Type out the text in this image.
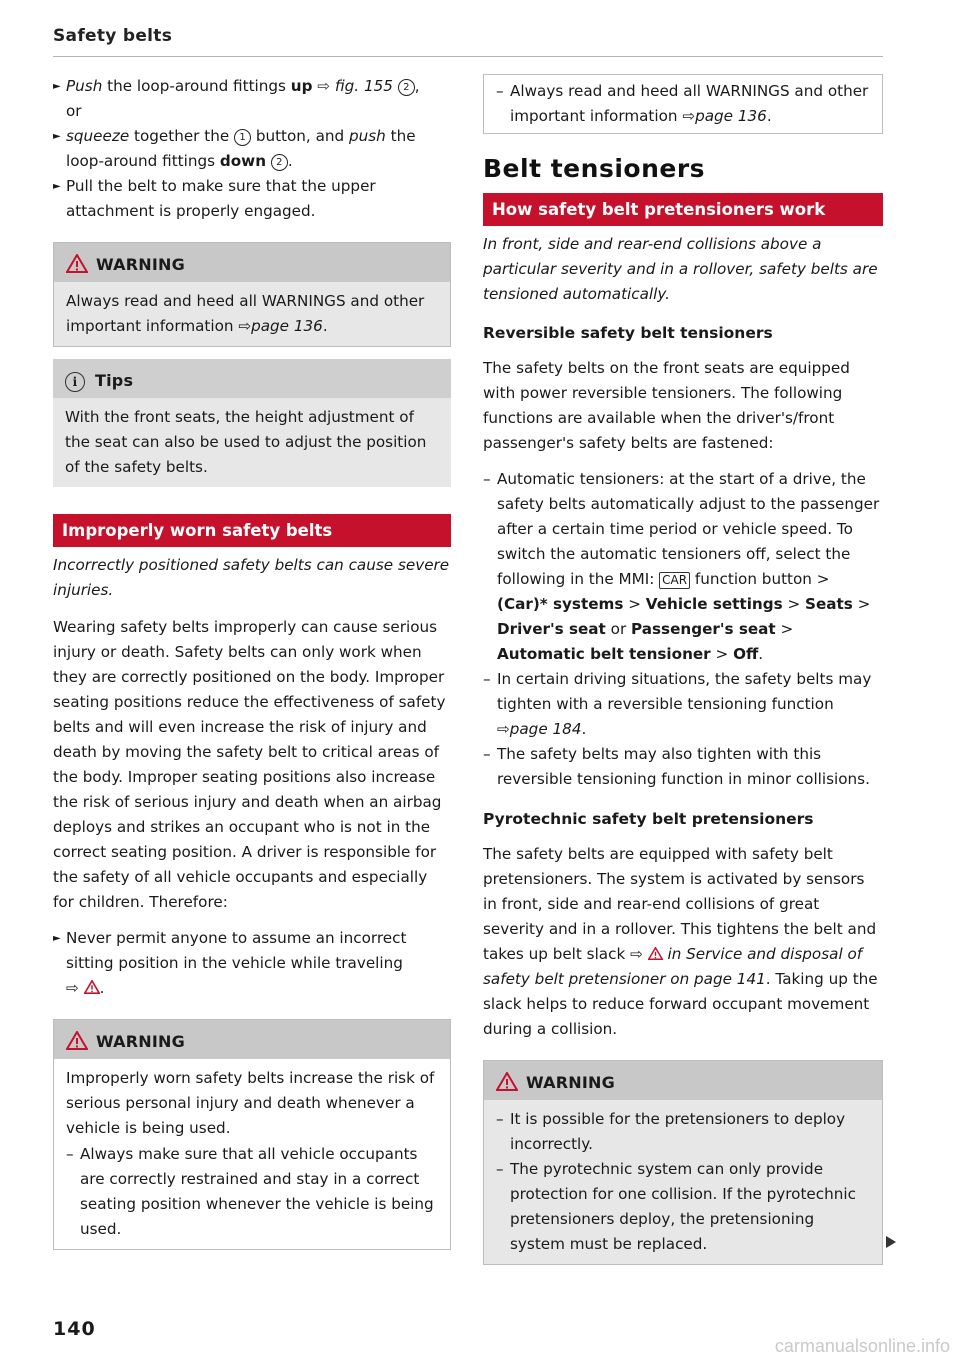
Safety belts
► Push the loop-around fittings up ⇨ fig. 155 2 ,
or
► squeeze together the 1 button, and push the loop-around fittings down 2 .
► Pull the belt to make sure that the upper attachment is properly engaged.
WARNING
Always read and heed all WARNINGS and other important information ⇨page 136.
i Tips
With the front seats, the height adjustment of the seat can also be used to adjust the position of the safety belts.
Improperly worn safety belts

Incorrectly positioned safety belts can cause severe injuries.

Wearing safety belts improperly can cause serious injury or death. Safety belts can only work when they are correctly positioned on the body. Improper seating positions reduce the effectiveness of safety belts and will even increase the risk of injury and death by moving the safety belt to critical areas of the body. Improper seating positions also increase the risk of serious injury and death when an airbag deploys and strikes an occupant who is not in the correct seating position. A driver is responsible for the safety of all vehicle occupants and especially for children. Therefore:

► Never permit anyone to assume an incorrect sitting position in the vehicle while traveling
⇨ .
WARNING

Improperly worn safety belts increase the risk of serious personal injury and death whenever a vehicle is being used.

– Always make sure that all vehicle occupants are correctly restrained and stay in a correct seating position whenever the vehicle is being used.
140
– Always read and heed all WARNINGS and other important information ⇨page 136.
Belt tensioners
How safety belt pretensioners work

In front, side and rear-end collisions above a particular severity and in a rollover, safety belts are tensioned automatically.

Reversible safety belt tensioners

The safety belts on the front seats are equipped with power reversible tensioners. The following functions are available when the driver's/front passenger's safety belts are fastened:

– Automatic tensioners: at the start of a drive, the safety belts automatically adjust to the passenger after a certain time period or vehicle speed. To switch the automatic tensioners off, select the following in the MMI: CAR function button > (Car)* systems > Vehicle settings > Seats > Driver's seat or Passenger's seat > Automatic belt tensioner > Off.
– In certain driving situations, the safety belts may tighten with a reversible tensioning function ⇨page 184.
– The safety belts may also tighten with this reversible tensioning function in minor collisions.

Pyrotechnic safety belt pretensioners

The safety belts are equipped with safety belt pretensioners. The system is activated by sensors in front, side and rear-end collisions of great severity and in a rollover. This tightens the belt and takes up belt slack ⇨ in Service and disposal of safety belt pretensioner on page 141. Taking up the slack helps to reduce forward occupant movement during a collision.

WARNING
– It is possible for the pretensioners to deploy incorrectly.
– The pyrotechnic system can only provide protection for one collision. If the pyrotechnic pretensioners deploy, the pretensioning system must be replaced.
carmanualsonline.info
